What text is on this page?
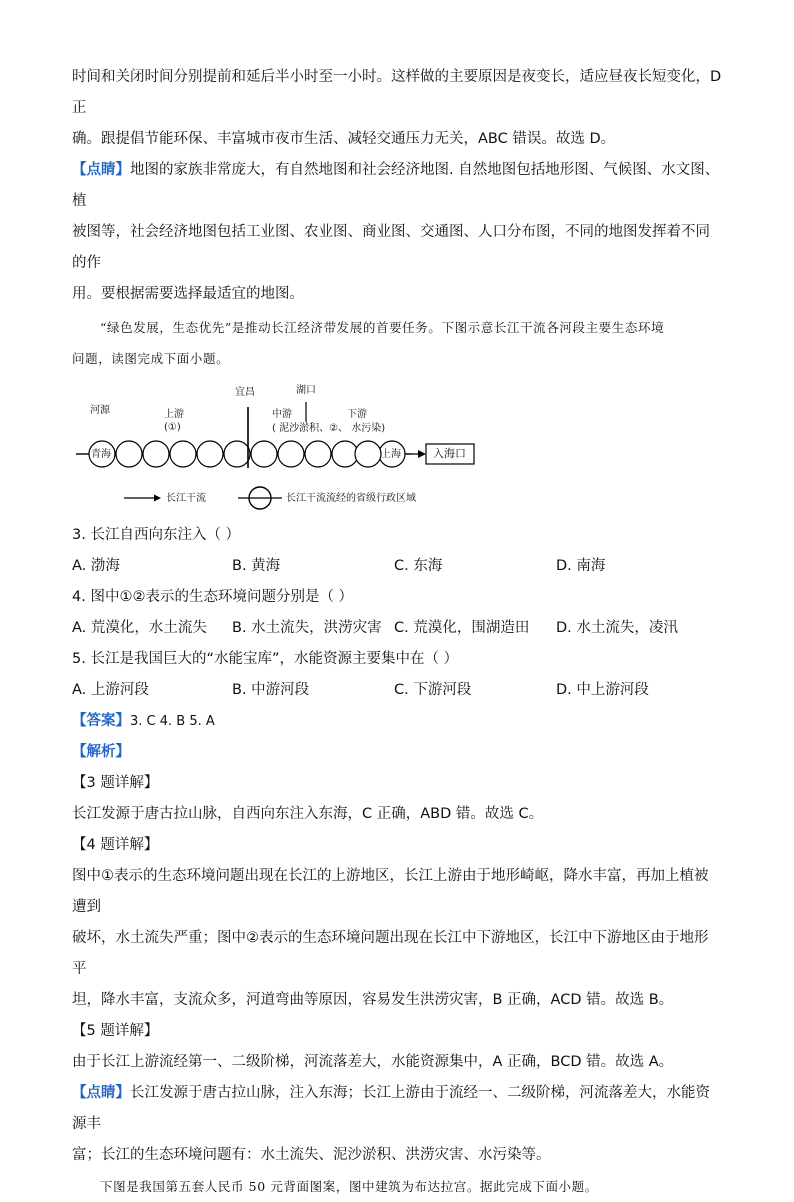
时间和关闭时间分别提前和延后半小时至一小时。这样做的主要原因是夜变长，适应昼夜长短变化，D 正

确。跟提倡节能环保、丰富城市夜市生活、减轻交通压力无关，ABC 错误。故选 D。

【点睛】地图的家族非常庞大，有自然地图和社会经济地图. 自然地图包括地形图、气候图、水文图、植

被图等，社会经济地图包括工业图、农业图、商业图、交通图、人口分布图，不同的地图发挥着不同的作

用。要根据需要选择最适宜的地图。

“绿色发展，生态优先”是推动长江经济带发展的首要任务。下图示意长江干流各河段主要生态环境

问题，读图完成下面小题。

河源	上游
(①)
宜昌	湖口
中游
( 泥沙淤积、②、 水污染)
下游
青海	上海	入海口
长江干流	长江干流流经的省级行政区域

3. 长江自西向东注入（ ）

A. 渤海	B. 黄海	C. 东海	D. 南海

4. 图中①②表示的生态环境问题分别是（ ）

A. 荒漠化，水土流失	B. 水土流失，洪涝灾害 C. 荒漠化，围湖造田	D. 水土流失，凌汛

5. 长江是我国巨大的“水能宝库”，水能资源主要集中在（ ）

A. 上游河段	B. 中游河段	C. 下游河段	D. 中上游河段

【答案】3. C 4. B 5. A

【解析】

【3 题详解】

长江发源于唐古拉山脉，自西向东注入东海，C 正确，ABD 错。故选 C。

【4 题详解】

图中①表示的生态环境问题出现在长江的上游地区，长江上游由于地形崎岖，降水丰富，再加上植被遭到

破坏，水土流失严重；图中②表示的生态环境问题出现在长江中下游地区，长江中下游地区由于地形平

坦，降水丰富，支流众多，河道弯曲等原因，容易发生洪涝灾害，B 正确，ACD 错。故选 B。

【5 题详解】

由于长江上游流经第一、二级阶梯，河流落差大，水能资源集中，A 正确，BCD 错。故选 A。

【点睛】长江发源于唐古拉山脉，注入东海；长江上游由于流经一、二级阶梯，河流落差大，水能资源丰

富；长江的生态环境问题有：水土流失、泥沙淤积、洪涝灾害、水污染等。

下图是我国第五套人民币 50 元背面图案，图中建筑为布达拉宫。据此完成下面小题。
